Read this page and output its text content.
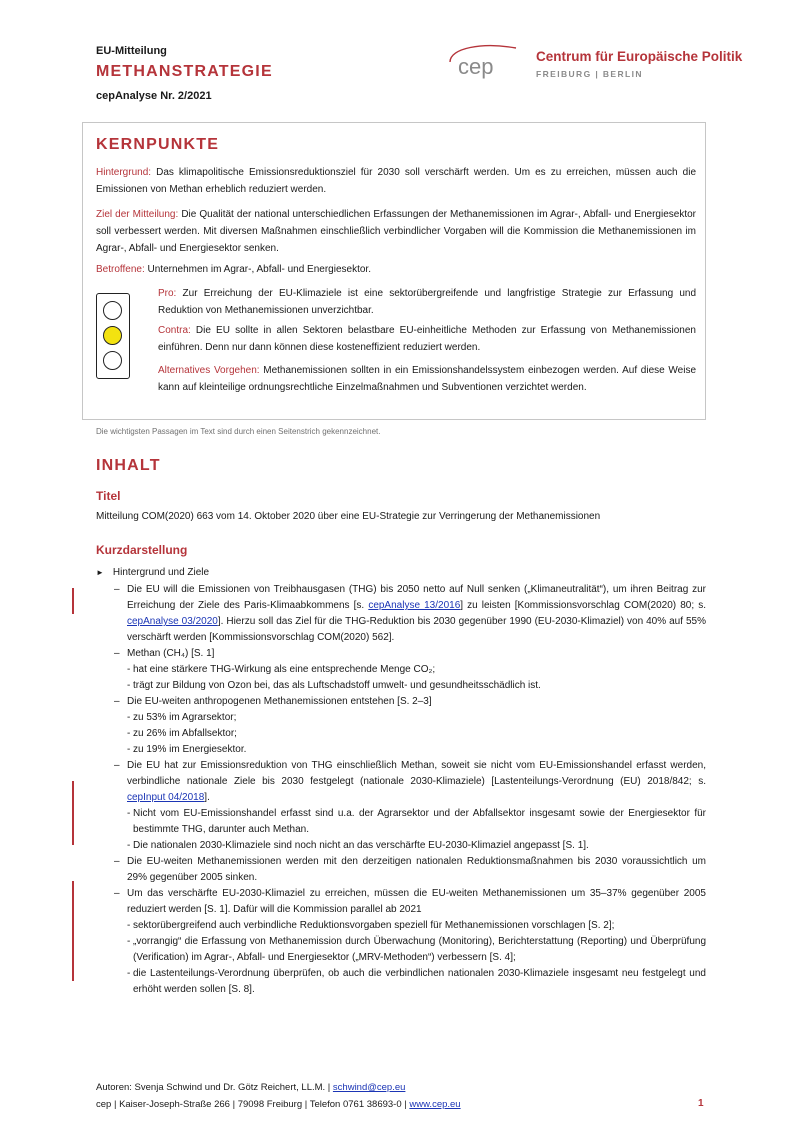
EU-Mitteilung
METHANSTRATEGIE
cepAnalyse Nr. 2/2021
cep	Centrum für Europäische Politik
FREIBURG | BERLIN
KERNPUNKTE
Hintergrund: Das klimapolitische Emissionsreduktionsziel für 2030 soll verschärft werden. Um es zu erreichen, müssen auch die Emissionen von Methan erheblich reduziert werden.
Ziel der Mitteilung: Die Qualität der national unterschiedlichen Erfassungen der Methanemissionen im Agrar-, Abfall- und Energiesektor soll verbessert werden. Mit diversen Maßnahmen einschließlich verbindlicher Vorgaben will die Kommission die Methanemissionen im Agrar-, Abfall- und Energiesektor senken.
Betroffene: Unternehmen im Agrar-, Abfall- und Energiesektor.
Pro: Zur Erreichung der EU-Klimaziele ist eine sektorübergreifende und langfristige Strategie zur Erfassung und Reduktion von Methanemissionen unverzichtbar.
Contra: Die EU sollte in allen Sektoren belastbare EU-einheitliche Methoden zur Erfassung von Methanemissionen einführen. Denn nur dann können diese kosteneffizient reduziert werden.
Alternatives Vorgehen: Methanemissionen sollten in ein Emissionshandelssystem einbezogen werden. Auf diese Weise kann auf kleinteilige ordnungsrechtliche Einzelmaßnahmen und Subventionen verzichtet werden.
Die wichtigsten Passagen im Text sind durch einen Seitenstrich gekennzeichnet.
INHALT
Titel
Mitteilung COM(2020) 663 vom 14. Oktober 2020 über eine EU-Strategie zur Verringerung der Methanemissionen
Kurzdarstellung
► Hintergrund und Ziele
– Die EU will die Emissionen von Treibhausgasen (THG) bis 2050 netto auf Null senken („Klimaneutralität“), um ihren Beitrag zur Erreichung der Ziele des Paris-Klimaabkommens [s. cepAnalyse 13/2016] zu leisten [Kommissionsvorschlag COM(2020) 80; s. cepAnalyse 03/2020]. Hierzu soll das Ziel für die THG-Reduktion bis 2030 gegenüber 1990 (EU-2030-Klimaziel) von 40% auf 55% verschärft werden [Kommissionsvorschlag COM(2020) 562].
– Methan (CH₄) [S. 1]
- hat eine stärkere THG-Wirkung als eine entsprechende Menge CO₂;
- trägt zur Bildung von Ozon bei, das als Luftschadstoff umwelt- und gesundheitsschädlich ist.
– Die EU-weiten anthropogenen Methanemissionen entstehen [S. 2–3]
- zu 53% im Agrarsektor;
- zu 26% im Abfallsektor;
- zu 19% im Energiesektor.
– Die EU hat zur Emissionsreduktion von THG einschließlich Methan, soweit sie nicht vom EU-Emissionshandel erfasst werden, verbindliche nationale Ziele bis 2030 festgelegt (nationale 2030-Klimaziele) [Lastenteilungs-Verordnung (EU) 2018/842; s. cepInput 04/2018].
- Nicht vom EU-Emissionshandel erfasst sind u.a. der Agrarsektor und der Abfallsektor insgesamt sowie der Energiesektor für bestimmte THG, darunter auch Methan.
- Die nationalen 2030-Klimaziele sind noch nicht an das verschärfte EU-2030-Klimaziel angepasst [S. 1].
– Die EU-weiten Methanemissionen werden mit den derzeitigen nationalen Reduktionsmaßnahmen bis 2030 voraussichtlich um 29% gegenüber 2005 sinken.
– Um das verschärfte EU-2030-Klimaziel zu erreichen, müssen die EU-weiten Methanemissionen um 35–37% gegenüber 2005 reduziert werden [S. 1]. Dafür will die Kommission parallel ab 2021
- sektorübergreifend auch verbindliche Reduktionsvorgaben speziell für Methanemissionen vorschlagen [S. 2];
- „vorrangig“ die Erfassung von Methanemission durch Überwachung (Monitoring), Berichterstattung (Reporting) und Überprüfung (Verification) im Agrar-, Abfall- und Energiesektor („MRV-Methoden“) verbessern [S. 4];
- die Lastenteilungs-Verordnung überprüfen, ob auch die verbindlichen nationalen 2030-Klimaziele insgesamt neu festgelegt und erhöht werden sollen [S. 8].
Autoren: Svenja Schwind und Dr. Götz Reichert, LL.M. | schwind@cep.eu
cep | Kaiser-Joseph-Straße 266 | 79098 Freiburg | Telefon 0761 38693-0 | www.cep.eu	1
